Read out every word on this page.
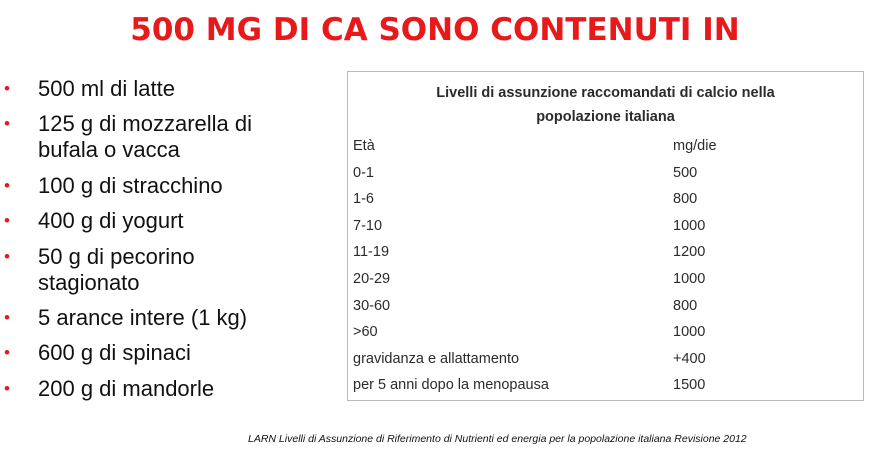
500 MG DI CA SONO CONTENUTI IN
• 500 ml di latte
• 125 g di mozzarella di
bufala o vacca
• 100 g di stracchino
• 400 g di yogurt
• 50 g di pecorino
stagionato
• 5 arance intere (1 kg)
• 600 g di spinaci
• 200 g di mandorle
Livelli di assunzione raccomandati di calcio nella
popolazione italiana
Età	mg/die
0-1	500
1-6	800
7-10	1000
11-19	1200
20-29	1000
30-60	800
>60	1000
gravidanza e allattamento	+400
per 5 anni dopo la menopausa	1500
LARN Livelli di Assunzione di Riferimento di Nutrienti ed energia per la popolazione italiana Revisione 2012
